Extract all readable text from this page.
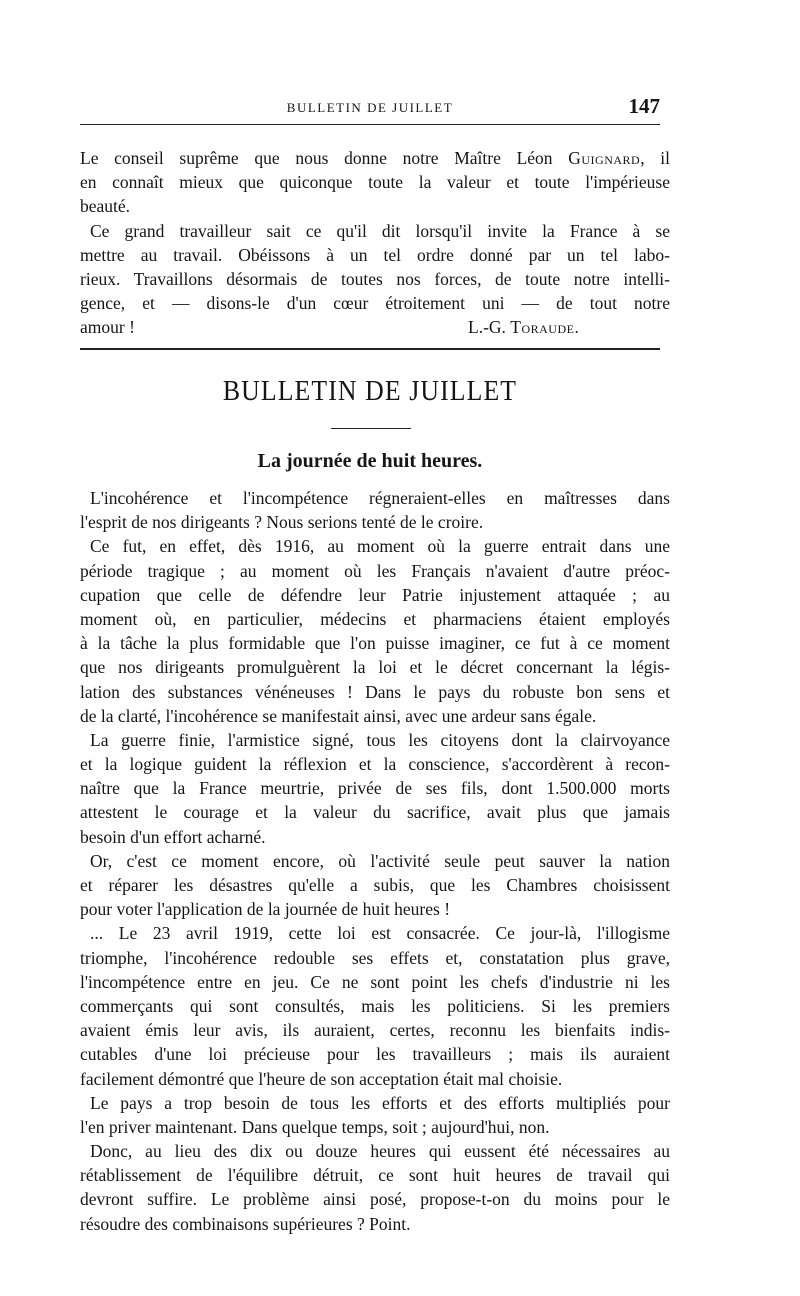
BULLETIN DE JUILLET	147
Le conseil suprême que nous donne notre Maître Léon Guignard, il
en connaît mieux que quiconque toute la valeur et toute l'impérieuse
beauté.
Ce grand travailleur sait ce qu'il dit lorsqu'il invite la France à se
mettre au travail. Obéissons à un tel ordre donné par un tel labo-
rieux. Travaillons désormais de toutes nos forces, de toute notre intelli-
gence, et — disons-le d'un cœur étroitement uni — de tout notre
amour !	L.-G. Toraude.
BULLETIN DE JUILLET
La journée de huit heures.
L'incohérence et l'incompétence régneraient-elles en maîtresses dans
l'esprit de nos dirigeants ? Nous serions tenté de le croire.
Ce fut, en effet, dès 1916, au moment où la guerre entrait dans une
période tragique ; au moment où les Français n'avaient d'autre préoc-
cupation que celle de défendre leur Patrie injustement attaquée ; au
moment où, en particulier, médecins et pharmaciens étaient employés
à la tâche la plus formidable que l'on puisse imaginer, ce fut à ce moment
que nos dirigeants promulguèrent la loi et le décret concernant la légis-
lation des substances vénéneuses ! Dans le pays du robuste bon sens et
de la clarté, l'incohérence se manifestait ainsi, avec une ardeur sans égale.
La guerre finie, l'armistice signé, tous les citoyens dont la clairvoyance
et la logique guident la réflexion et la conscience, s'accordèrent à recon-
naître que la France meurtrie, privée de ses fils, dont 1.500.000 morts
attestent le courage et la valeur du sacrifice, avait plus que jamais
besoin d'un effort acharné.
Or, c'est ce moment encore, où l'activité seule peut sauver la nation
et réparer les désastres qu'elle a subis, que les Chambres choisissent
pour voter l'application de la journée de huit heures !
... Le 23 avril 1919, cette loi est consacrée. Ce jour-là, l'illogisme
triomphe, l'incohérence redouble ses effets et, constatation plus grave,
l'incompétence entre en jeu. Ce ne sont point les chefs d'industrie ni les
commerçants qui sont consultés, mais les politiciens. Si les premiers
avaient émis leur avis, ils auraient, certes, reconnu les bienfaits indis-
cutables d'une loi précieuse pour les travailleurs ; mais ils auraient
facilement démontré que l'heure de son acceptation était mal choisie.
Le pays a trop besoin de tous les efforts et des efforts multipliés pour
l'en priver maintenant. Dans quelque temps, soit ; aujourd'hui, non.
Donc, au lieu des dix ou douze heures qui eussent été nécessaires au
rétablissement de l'équilibre détruit, ce sont huit heures de travail qui
devront suffire. Le problème ainsi posé, propose-t-on du moins pour le
résoudre des combinaisons supérieures ? Point.
